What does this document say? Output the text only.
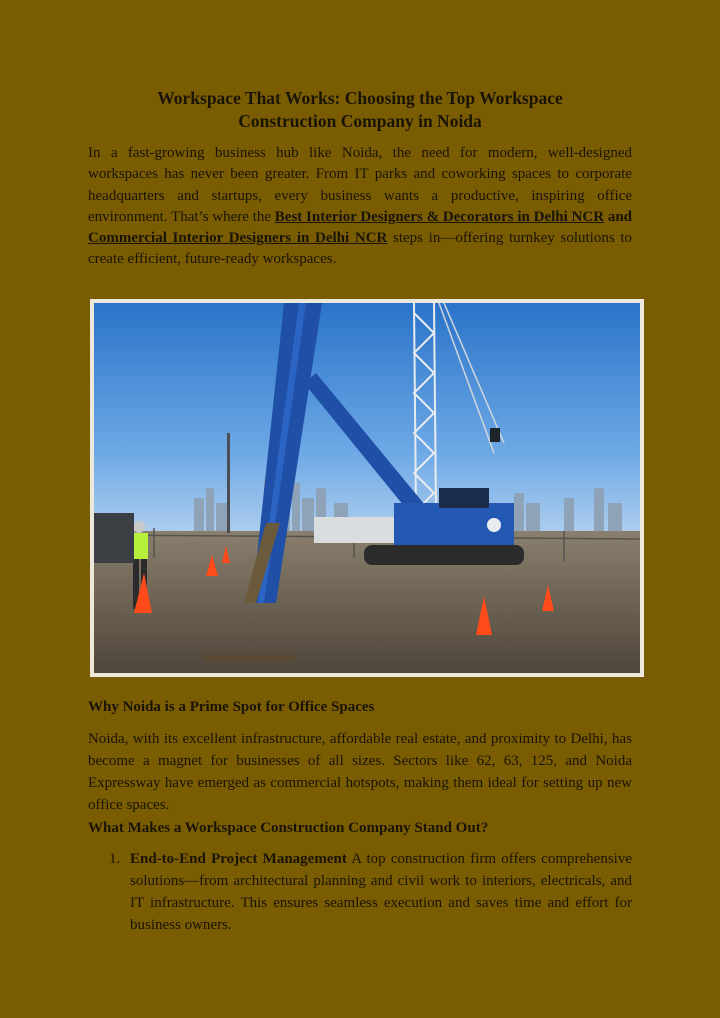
Workspace That Works: Choosing the Top Workspace
Construction Company in Noida

In a fast-growing business hub like Noida, the need for modern, well-designed workspaces has never been greater. From IT parks and coworking spaces to corporate headquarters and startups, every business wants a productive, inspiring office environment. That’s where the Best Interior Designers & Decorators in Delhi NCR and Commercial Interior Designers in Delhi NCR steps in—offering turnkey solutions to create efficient, future-ready workspaces.

Why Noida is a Prime Spot for Office Spaces

Noida, with its excellent infrastructure, affordable real estate, and proximity to Delhi, has become a magnet for businesses of all sizes. Sectors like 62, 63, 125, and Noida Expressway have emerged as commercial hotspots, making them ideal for setting up new office spaces.

What Makes a Workspace Construction Company Stand Out?
1. End-to-End Project Management A top construction firm offers comprehensive solutions—from architectural planning and civil work to interiors, electricals, and IT infrastructure. This ensures seamless execution and saves time and effort for business owners.
